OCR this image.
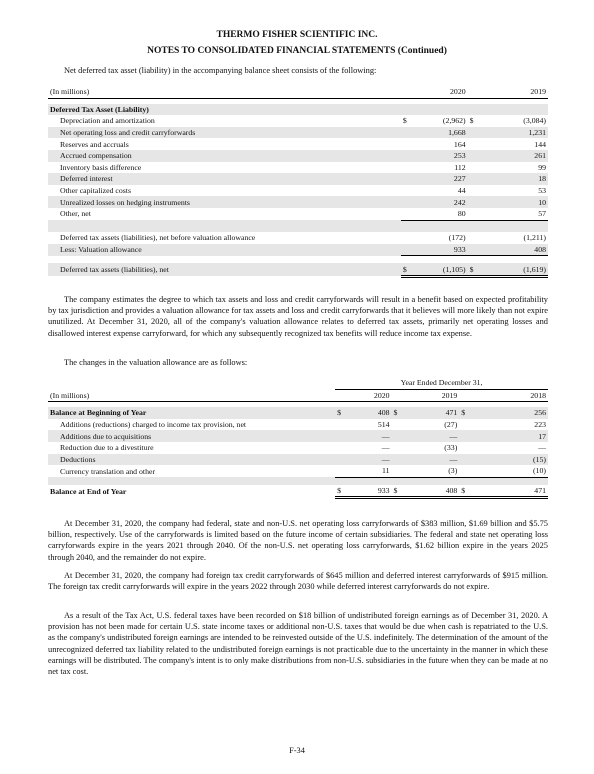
THERMO FISHER SCIENTIFIC INC.
NOTES TO CONSOLIDATED FINANCIAL STATEMENTS (Continued)
Net deferred tax asset (liability) in the accompanying balance sheet consists of the following:
(In millions)		2020		2019

Deferred Tax Asset (Liability)				
Depreciation and amortization	$	(2,962)	$	(3,084)
Net operating loss and credit carryforwards		1,668		1,231
Reserves and accruals		164		144
Accrued compensation		253		261
Inventory basis difference		112		99
Deferred interest		227		18
Other capitalized costs		44		53
Unrealized losses on hedging instruments		242		10
Other, net		80		57

Deferred tax assets (liabilities), net before valuation allowance		(172)		(1,211)
Less: Valuation allowance		933		408

Deferred tax assets (liabilities), net	$	(1,105)	$	(1,619)
The company estimates the degree to which tax assets and loss and credit carryforwards will result in a benefit based on expected profitability by tax jurisdiction and provides a valuation allowance for tax assets and loss and credit carryforwards that it believes will more likely than not expire unutilized. At December 31, 2020, all of the company's valuation allowance relates to deferred tax assets, primarily net operating losses and disallowed interest expense carryforward, for which any subsequently recognized tax benefits will reduce income tax expense.
The changes in the valuation allowance are as follows:
	Year Ended December 31,					
(In millions)		2020		2019		2018

Balance at Beginning of Year	$	408	$	471	$	256
Additions (reductions) charged to income tax provision, net		514		(27)		223
Additions due to acquisitions		—		—		17
Reduction due to a divestiture		—		(33)		—
Deductions		—		—		(15)
Currency translation and other		11		(3)		(10)

Balance at End of Year	$	933	$	408	$	471
At December 31, 2020, the company had federal, state and non-U.S. net operating loss carryforwards of $383 million, $1.69 billion and $5.75 billion, respectively. Use of the carryforwards is limited based on the future income of certain subsidiaries. The federal and state net operating loss carryforwards expire in the years 2021 through 2040. Of the non-U.S. net operating loss carryforwards, $1.62 billion expire in the years 2025 through 2040, and the remainder do not expire.
At December 31, 2020, the company had foreign tax credit carryforwards of $645 million and deferred interest carryforwards of $915 million. The foreign tax credit carryforwards will expire in the years 2022 through 2030 while deferred interest carryforwards do not expire.
As a result of the Tax Act, U.S. federal taxes have been recorded on $18 billion of undistributed foreign earnings as of December 31, 2020. A provision has not been made for certain U.S. state income taxes or additional non-U.S. taxes that would be due when cash is repatriated to the U.S. as the company's undistributed foreign earnings are intended to be reinvested outside of the U.S. indefinitely. The determination of the amount of the unrecognized deferred tax liability related to the undistributed foreign earnings is not practicable due to the uncertainty in the manner in which these earnings will be distributed. The company's intent is to only make distributions from non-U.S. subsidiaries in the future when they can be made at no net tax cost.
F-34
